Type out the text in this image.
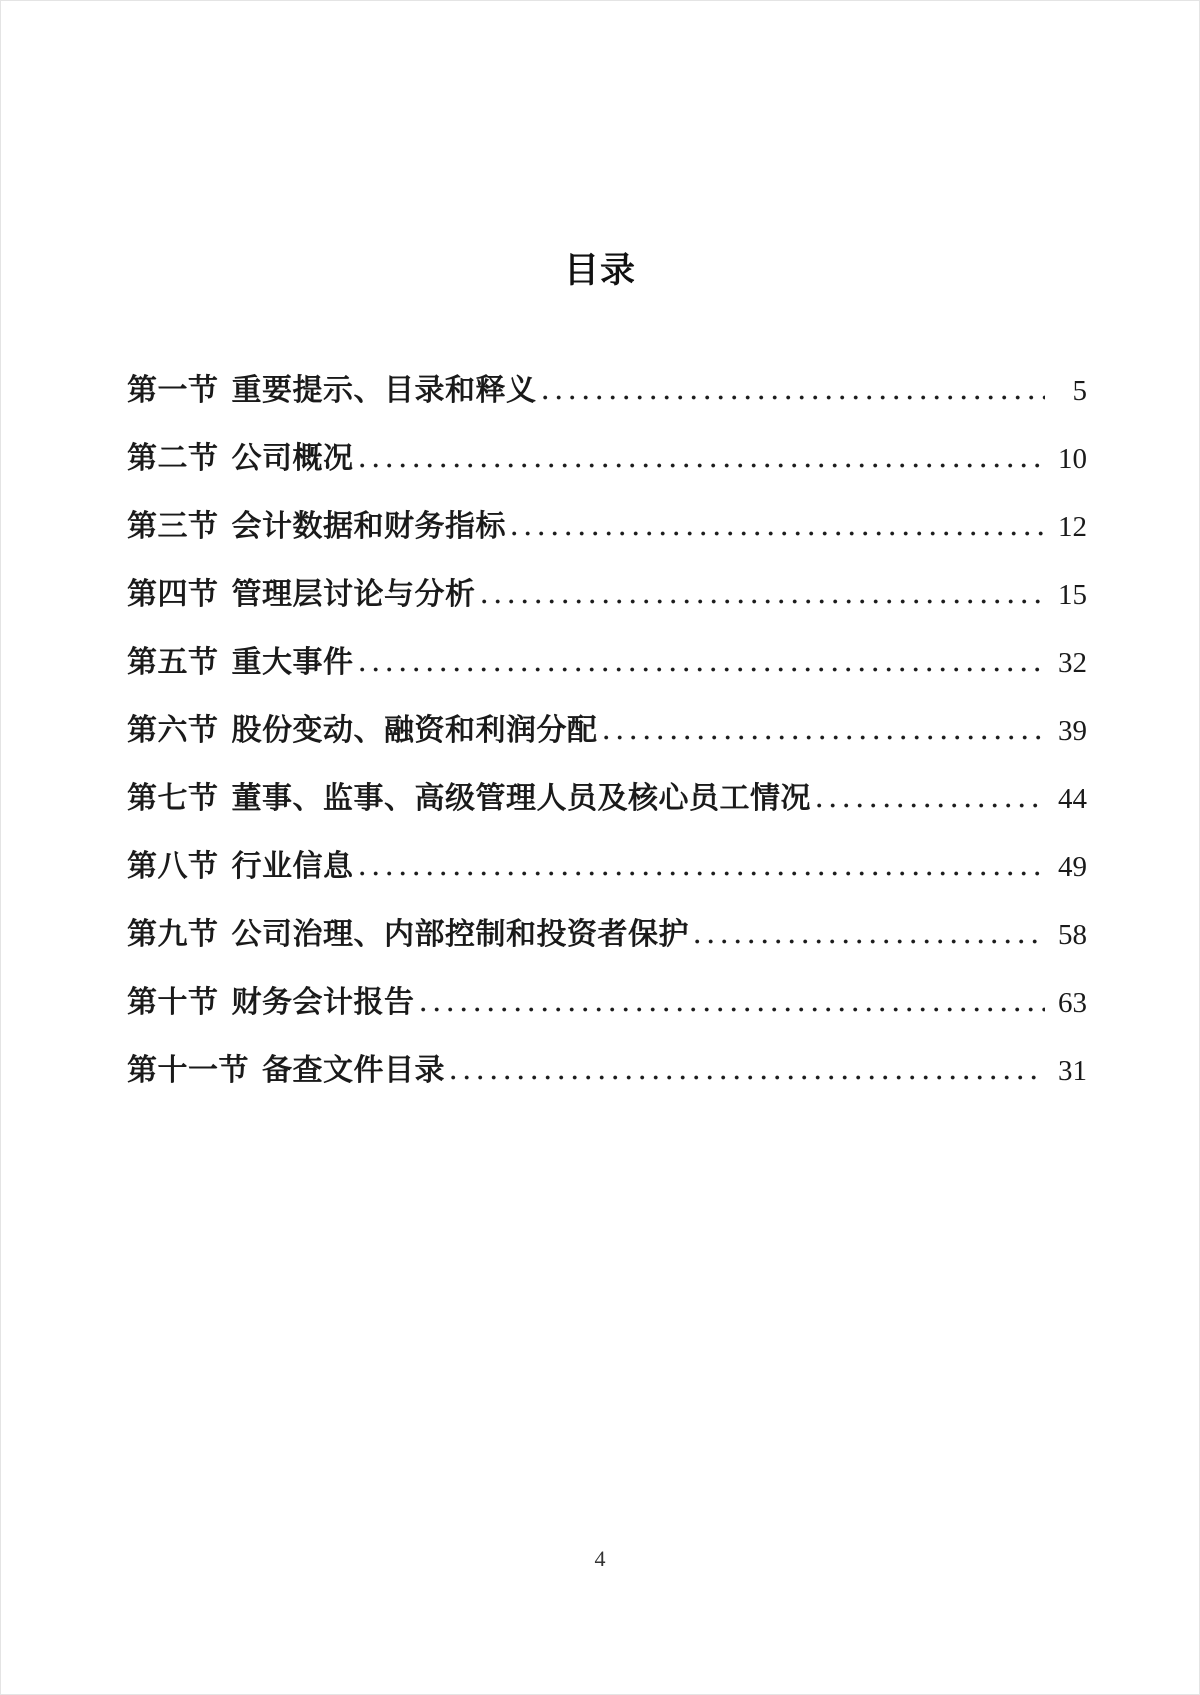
目录
第一节 重要提示、目录和释义	5
第二节 公司概况	10
第三节 会计数据和财务指标	12
第四节 管理层讨论与分析	15
第五节 重大事件	32
第六节 股份变动、融资和利润分配	39
第七节 董事、监事、高级管理人员及核心员工情况	44
第八节 行业信息	49
第九节 公司治理、内部控制和投资者保护	58
第十节 财务会计报告	63
第十一节 备查文件目录	31
4
